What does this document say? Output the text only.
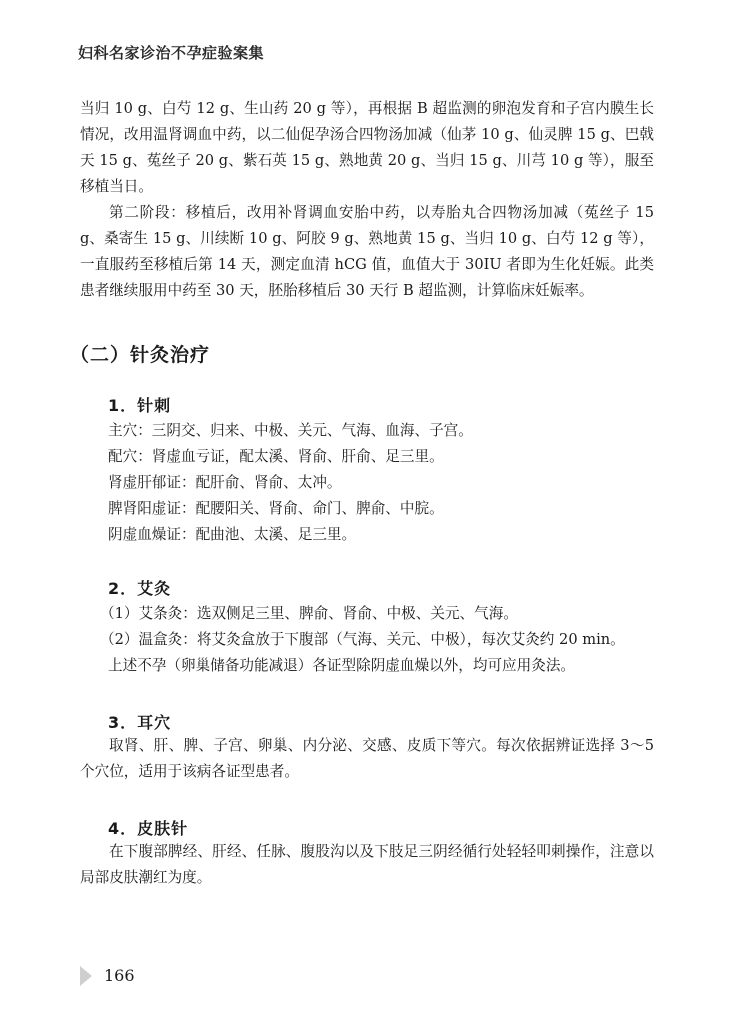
妇科名家诊治不孕症验案集

当归 10 g、白芍 12 g、生山药 20 g 等），再根据 B 超监测的卵泡发育和子宫内膜生长情况，改用温肾调血中药，以二仙促孕汤合四物汤加减（仙茅 10 g、仙灵脾 15 g、巴戟天 15 g、菟丝子 20 g、紫石英 15 g、熟地黄 20 g、当归 15 g、川芎 10 g 等），服至移植当日。

第二阶段：移植后，改用补肾调血安胎中药，以寿胎丸合四物汤加减（菟丝子 15 g、桑寄生 15 g、川续断 10 g、阿胶 9 g、熟地黄 15 g、当归 10 g、白芍 12 g 等），一直服药至移植后第 14 天，测定血清 hCG 值，血值大于 30IU 者即为生化妊娠。此类患者继续服用中药至 30 天，胚胎移植后 30 天行 B 超监测，计算临床妊娠率。

（二）针灸治疗
1．针刺
主穴：三阴交、归来、中极、关元、气海、血海、子宫。
配穴：肾虚血亏证，配太溪、肾俞、肝俞、足三里。
肾虚肝郁证：配肝俞、肾俞、太冲。
脾肾阳虚证：配腰阳关、肾俞、命门、脾俞、中脘。
阴虚血燥证：配曲池、太溪、足三里。
2．艾灸
（1）艾条灸：选双侧足三里、脾俞、肾俞、中极、关元、气海。
（2）温盒灸：将艾灸盒放于下腹部（气海、关元、中极），每次艾灸约 20 min。
上述不孕（卵巢储备功能减退）各证型除阴虚血燥以外，均可应用灸法。
3．耳穴

取肾、肝、脾、子宫、卵巢、内分泌、交感、皮质下等穴。每次依据辨证选择 3～5 个穴位，适用于该病各证型患者。

4．皮肤针

在下腹部脾经、肝经、任脉、腹股沟以及下肢足三阴经循行处轻轻叩刺操作，注意以局部皮肤潮红为度。

166
